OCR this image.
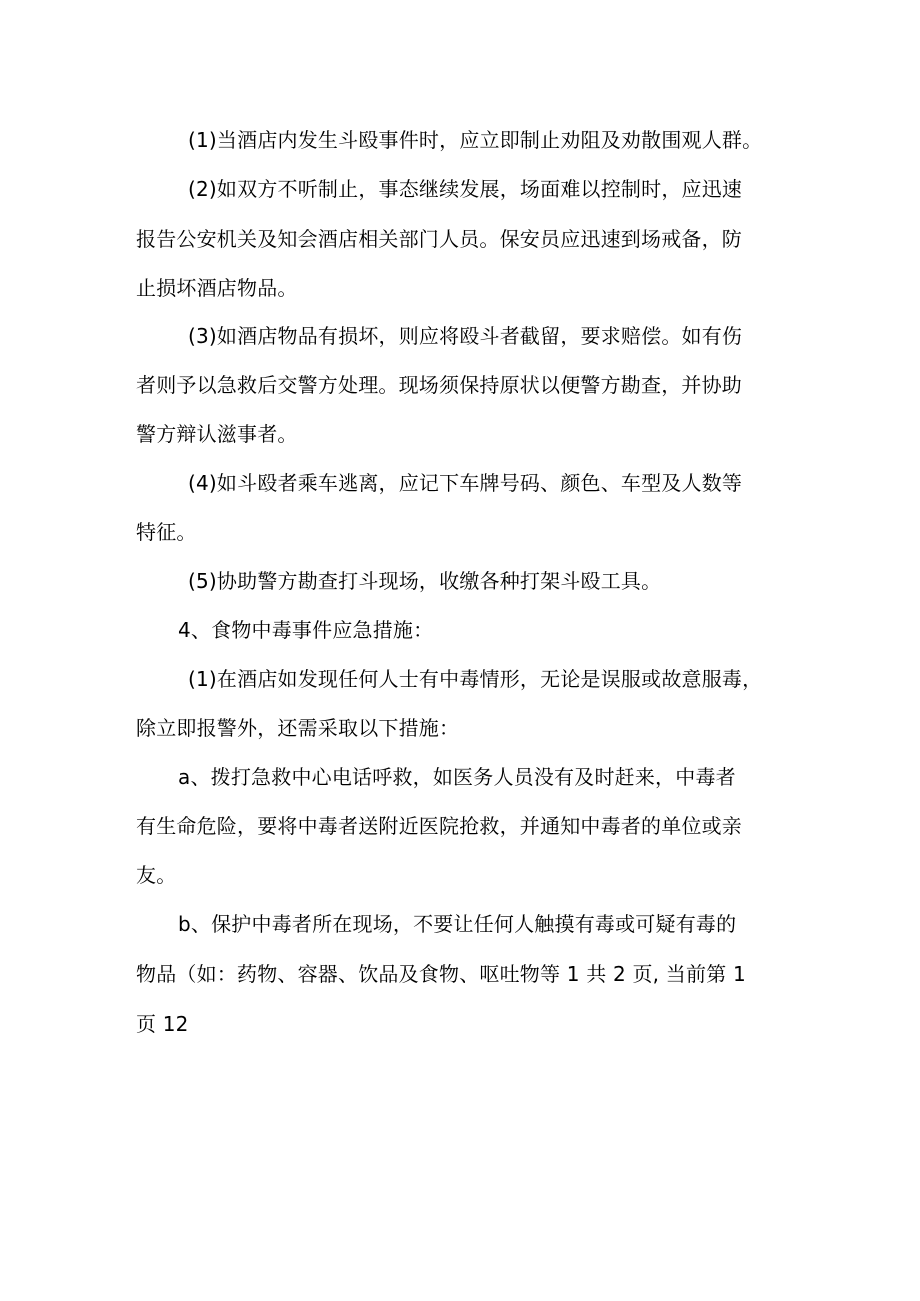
(1)当酒店内发生斗殴事件时，应立即制止劝阻及劝散围观人群。

(2)如双方不听制止，事态继续发展，场面难以控制时，应迅速

报告公安机关及知会酒店相关部门人员。保安员应迅速到场戒备，防

止损坏酒店物品。

(3)如酒店物品有损坏，则应将殴斗者截留，要求赔偿。如有伤

者则予以急救后交警方处理。现场须保持原状以便警方勘查，并协助

警方辩认滋事者。

(4)如斗殴者乘车逃离，应记下车牌号码、颜色、车型及人数等

特征。

(5)协助警方勘查打斗现场，收缴各种打架斗殴工具。

4、食物中毒事件应急措施：

(1)在酒店如发现任何人士有中毒情形，无论是误服或故意服毒，

除立即报警外，还需采取以下措施：

a、拨打急救中心电话呼救，如医务人员没有及时赶来，中毒者

有生命危险，要将中毒者送附近医院抢救，并通知中毒者的单位或亲

友。

b、保护中毒者所在现场，不要让任何人触摸有毒或可疑有毒的

物品（如：药物、容器、饮品及食物、呕吐物等 1 共 2 页, 当前第 1

页 12
